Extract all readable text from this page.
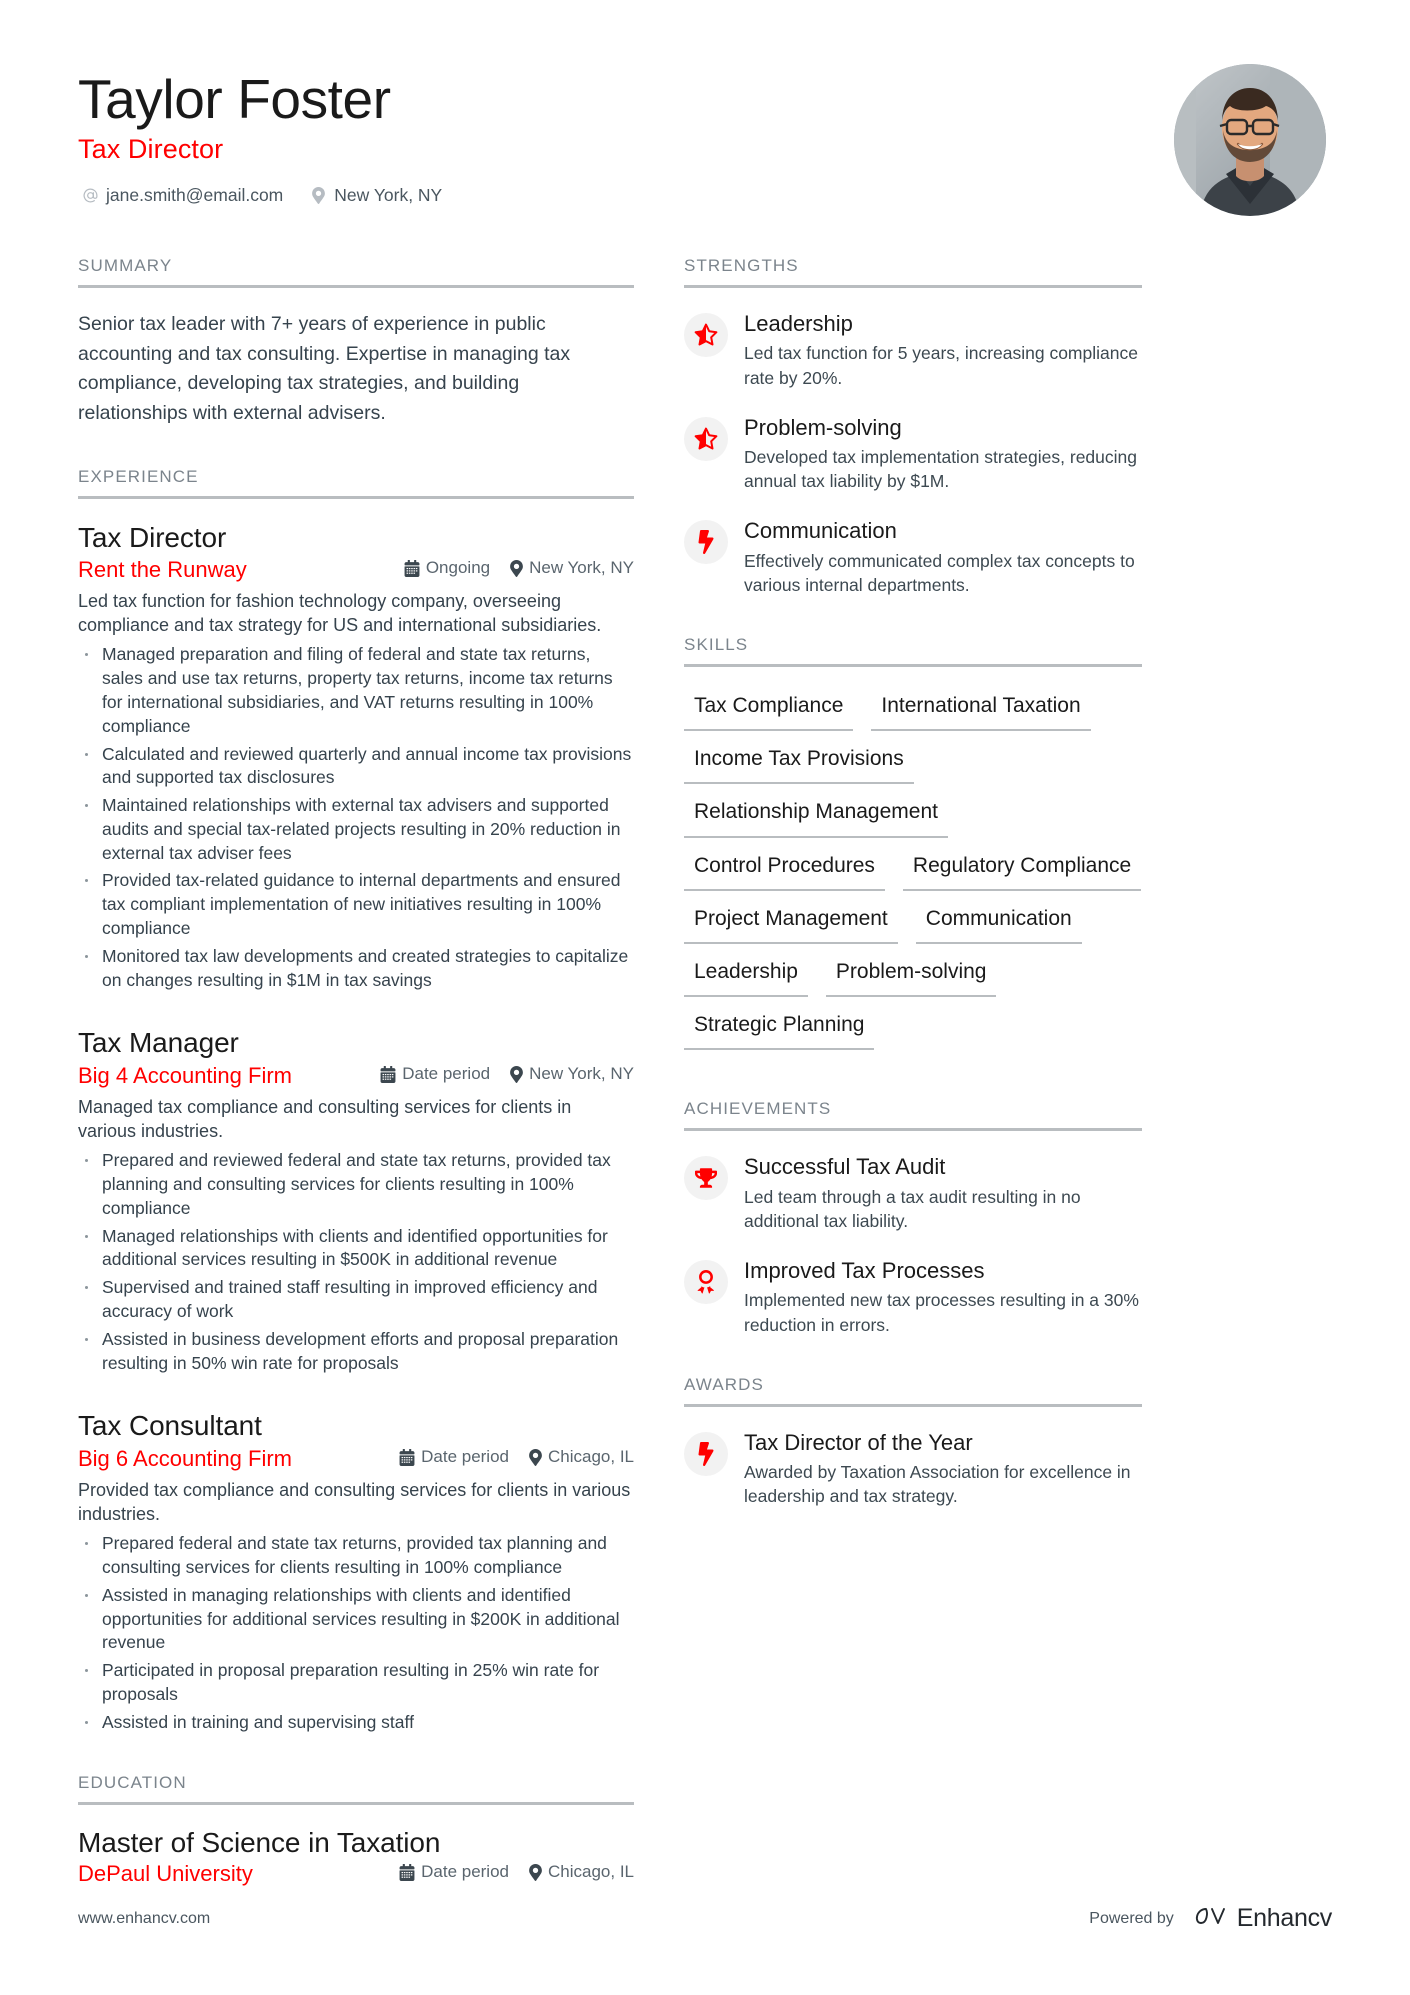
Taylor Foster
Tax Director
jane.smith@email.com	New York, NY
SUMMARY
Senior tax leader with 7+ years of experience in public accounting and tax consulting. Expertise in managing tax compliance, developing tax strategies, and building relationships with external advisers.
EXPERIENCE
Tax Director
Rent the Runway	Ongoing New York, NY
Led tax function for fashion technology company, overseeing compliance and tax strategy for US and international subsidiaries.
Managed preparation and filing of federal and state tax returns, sales and use tax returns, property tax returns, income tax returns for international subsidiaries, and VAT returns resulting in 100% compliance
Calculated and reviewed quarterly and annual income tax provisions and supported tax disclosures
Maintained relationships with external tax advisers and supported audits and special tax-related projects resulting in 20% reduction in external tax adviser fees
Provided tax-related guidance to internal departments and ensured tax compliant implementation of new initiatives resulting in 100% compliance
Monitored tax law developments and created strategies to capitalize on changes resulting in $1M in tax savings
Tax Manager
Big 4 Accounting Firm	Date period New York, NY
Managed tax compliance and consulting services for clients in various industries.
Prepared and reviewed federal and state tax returns, provided tax planning and consulting services for clients resulting in 100% compliance
Managed relationships with clients and identified opportunities for additional services resulting in $500K in additional revenue
Supervised and trained staff resulting in improved efficiency and accuracy of work
Assisted in business development efforts and proposal preparation resulting in 50% win rate for proposals
Tax Consultant
Big 6 Accounting Firm	Date period Chicago, IL
Provided tax compliance and consulting services for clients in various industries.
Prepared federal and state tax returns, provided tax planning and consulting services for clients resulting in 100% compliance
Assisted in managing relationships with clients and identified opportunities for additional services resulting in $200K in additional revenue
Participated in proposal preparation resulting in 25% win rate for proposals
Assisted in training and supervising staff
EDUCATION
Master of Science in Taxation
DePaul University	Date period Chicago, IL
STRENGTHS
Leadership
Led tax function for 5 years, increasing compliance rate by 20%.
Problem-solving
Developed tax implementation strategies, reducing annual tax liability by $1M.
Communication
Effectively communicated complex tax concepts to various internal departments.
SKILLS
Tax Compliance	International Taxation
Income Tax Provisions
Relationship Management
Control Procedures	Regulatory Compliance
Project Management	Communication
Leadership	Problem-solving
Strategic Planning
ACHIEVEMENTS
Successful Tax Audit
Led team through a tax audit resulting in no additional tax liability.
Improved Tax Processes
Implemented new tax processes resulting in a 30% reduction in errors.
AWARDS
Tax Director of the Year
Awarded by Taxation Association for excellence in leadership and tax strategy.
www.enhancv.com	Powered by	Enhancv
